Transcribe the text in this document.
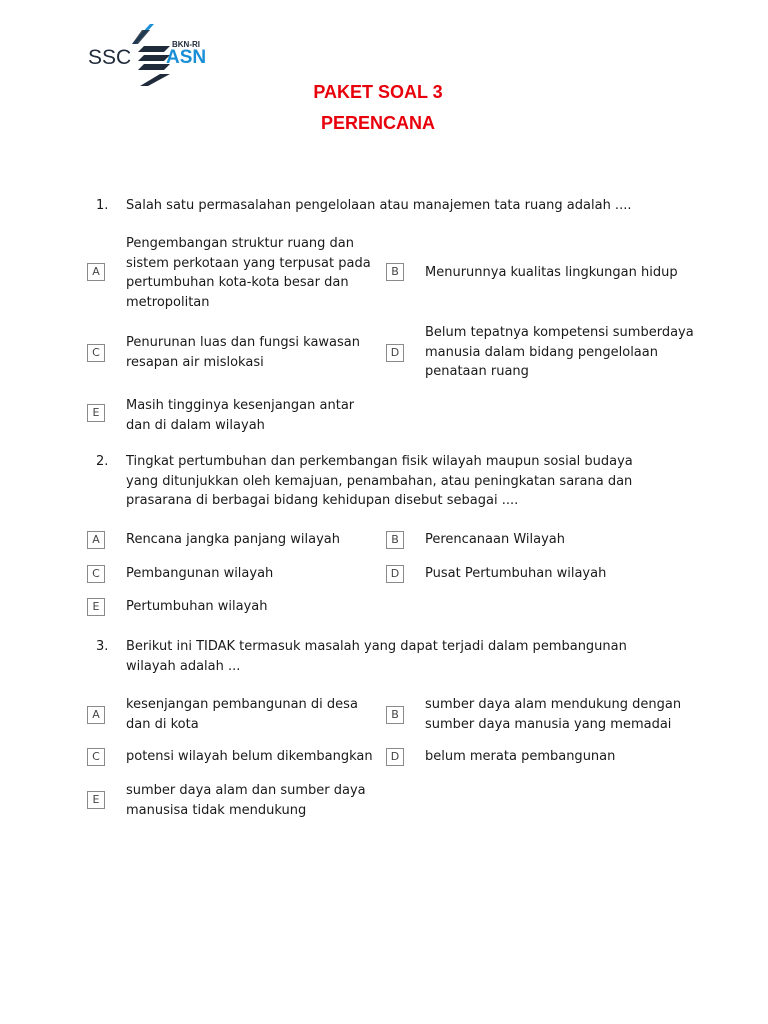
SSC
BKN-RI
ASN
PAKET SOAL 3
PERENCANA
1. Salah satu permasalahan pengelolaan atau manajemen tata ruang adalah ....
A
Pengembangan struktur ruang dan sistem perkotaan yang terpusat pada pertumbuhan kota-kota besar dan metropolitan
B	Menurunnya kualitas lingkungan hidup
C
Penurunan luas dan fungsi kawasan resapan air mislokasi
D
Belum tepatnya kompetensi sumberdaya manusia dalam bidang pengelolaan penataan ruang
E	Masih tingginya kesenjangan antar dan di dalam wilayah
2. Tingkat pertumbuhan dan perkembangan fisik wilayah maupun sosial budaya yang ditunjukkan oleh kemajuan, penambahan, atau peningkatan sarana dan prasarana di berbagai bidang kehidupan disebut sebagai ....
A	Rencana jangka panjang wilayah	B	Perencanaan Wilayah
C	Pembangunan wilayah	D	Pusat Pertumbuhan wilayah
E	Pertumbuhan wilayah
3. Berikut ini TIDAK termasuk masalah yang dapat terjadi dalam pembangunan wilayah adalah ...
A
kesenjangan pembangunan di desa dan di kota
B
sumber daya alam mendukung dengan sumber daya manusia yang memadai
C	potensi wilayah belum dikembangkan	D	belum merata pembangunan
E
sumber daya alam dan sumber daya manusisa tidak mendukung
